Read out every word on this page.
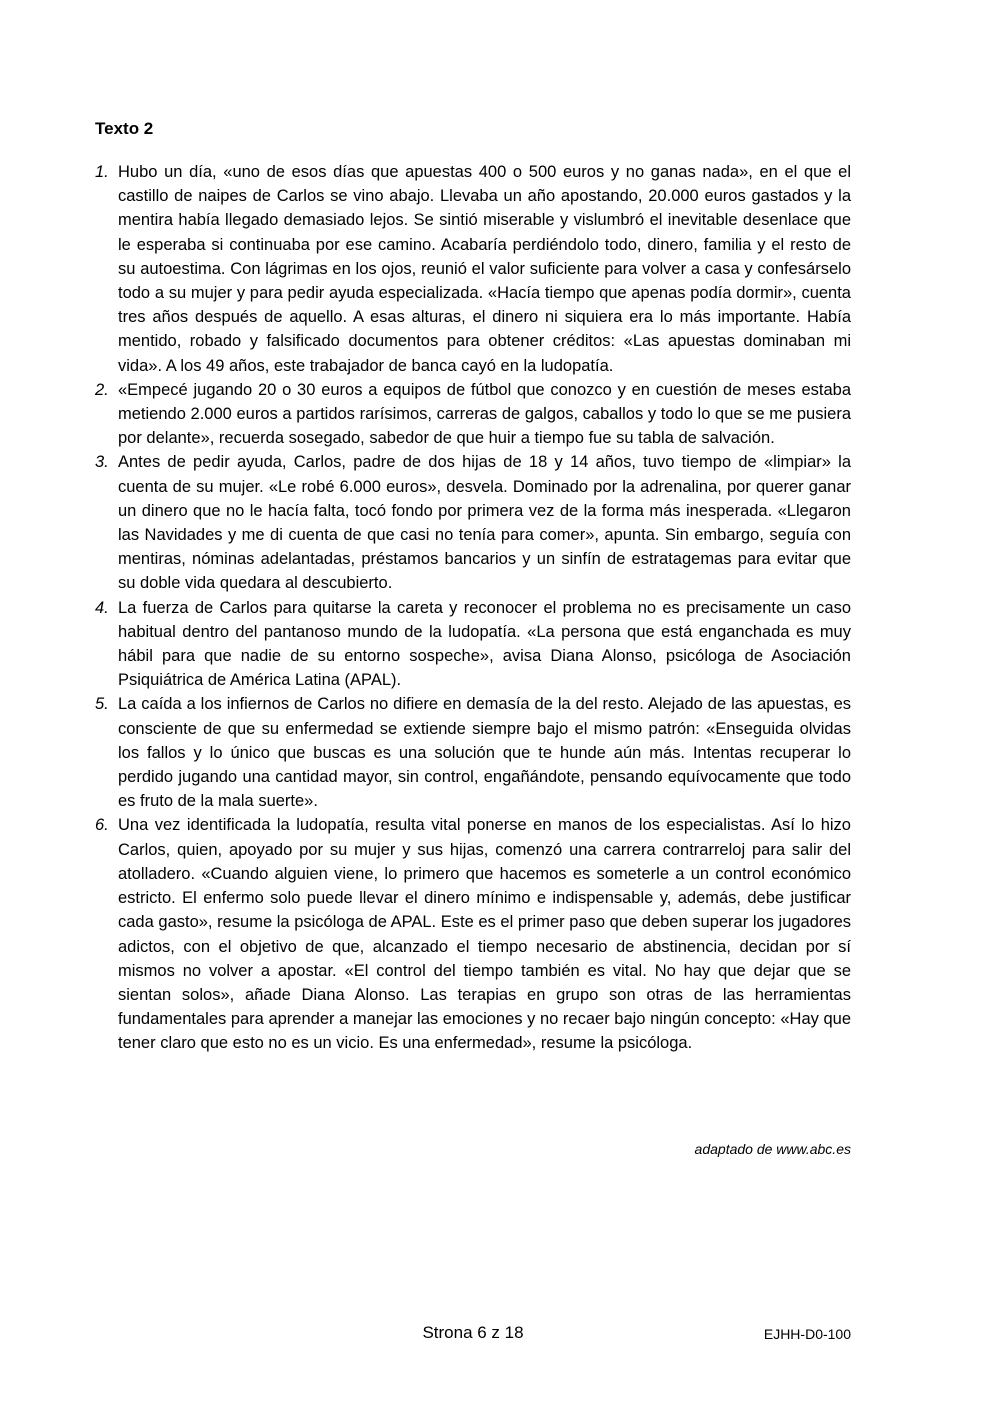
Texto 2
1. Hubo un día, «uno de esos días que apuestas 400 o 500 euros y no ganas nada», en el que el castillo de naipes de Carlos se vino abajo. Llevaba un año apostando, 20.000 euros gastados y la mentira había llegado demasiado lejos. Se sintió miserable y vislumbró el inevitable desenlace que le esperaba si continuaba por ese camino. Acabaría perdiéndolo todo, dinero, familia y el resto de su autoestima. Con lágrimas en los ojos, reunió el valor suficiente para volver a casa y confesárselo todo a su mujer y para pedir ayuda especializada. «Hacía tiempo que apenas podía dormir», cuenta tres años después de aquello. A esas alturas, el dinero ni siquiera era lo más importante. Había mentido, robado y falsificado documentos para obtener créditos: «Las apuestas dominaban mi vida». A los 49 años, este trabajador de banca cayó en la ludopatía.
2. «Empecé jugando 20 o 30 euros a equipos de fútbol que conozco y en cuestión de meses estaba metiendo 2.000 euros a partidos rarísimos, carreras de galgos, caballos y todo lo que se me pusiera por delante», recuerda sosegado, sabedor de que huir a tiempo fue su tabla de salvación.
3. Antes de pedir ayuda, Carlos, padre de dos hijas de 18 y 14 años, tuvo tiempo de «limpiar» la cuenta de su mujer. «Le robé 6.000 euros», desvela. Dominado por la adrenalina, por querer ganar un dinero que no le hacía falta, tocó fondo por primera vez de la forma más inesperada. «Llegaron las Navidades y me di cuenta de que casi no tenía para comer», apunta. Sin embargo, seguía con mentiras, nóminas adelantadas, préstamos bancarios y un sinfín de estratagemas para evitar que su doble vida quedara al descubierto.
4. La fuerza de Carlos para quitarse la careta y reconocer el problema no es precisamente un caso habitual dentro del pantanoso mundo de la ludopatía. «La persona que está enganchada es muy hábil para que nadie de su entorno sospeche», avisa Diana Alonso, psicóloga de Asociación Psiquiátrica de América Latina (APAL).
5. La caída a los infiernos de Carlos no difiere en demasía de la del resto. Alejado de las apuestas, es consciente de que su enfermedad se extiende siempre bajo el mismo patrón: «Enseguida olvidas los fallos y lo único que buscas es una solución que te hunde aún más. Intentas recuperar lo perdido jugando una cantidad mayor, sin control, engañándote, pensando equívocamente que todo es fruto de la mala suerte».
6. Una vez identificada la ludopatía, resulta vital ponerse en manos de los especialistas. Así lo hizo Carlos, quien, apoyado por su mujer y sus hijas, comenzó una carrera contrarreloj para salir del atolladero. «Cuando alguien viene, lo primero que hacemos es someterle a un control económico estricto. El enfermo solo puede llevar el dinero mínimo e indispensable y, además, debe justificar cada gasto», resume la psicóloga de APAL. Este es el primer paso que deben superar los jugadores adictos, con el objetivo de que, alcanzado el tiempo necesario de abstinencia, decidan por sí mismos no volver a apostar. «El control del tiempo también es vital. No hay que dejar que se sientan solos», añade Diana Alonso. Las terapias en grupo son otras de las herramientas fundamentales para aprender a manejar las emociones y no recaer bajo ningún concepto: «Hay que tener claro que esto no es un vicio. Es una enfermedad», resume la psicóloga.
adaptado de www.abc.es
Strona 6 z 18	EJHH-D0-100
